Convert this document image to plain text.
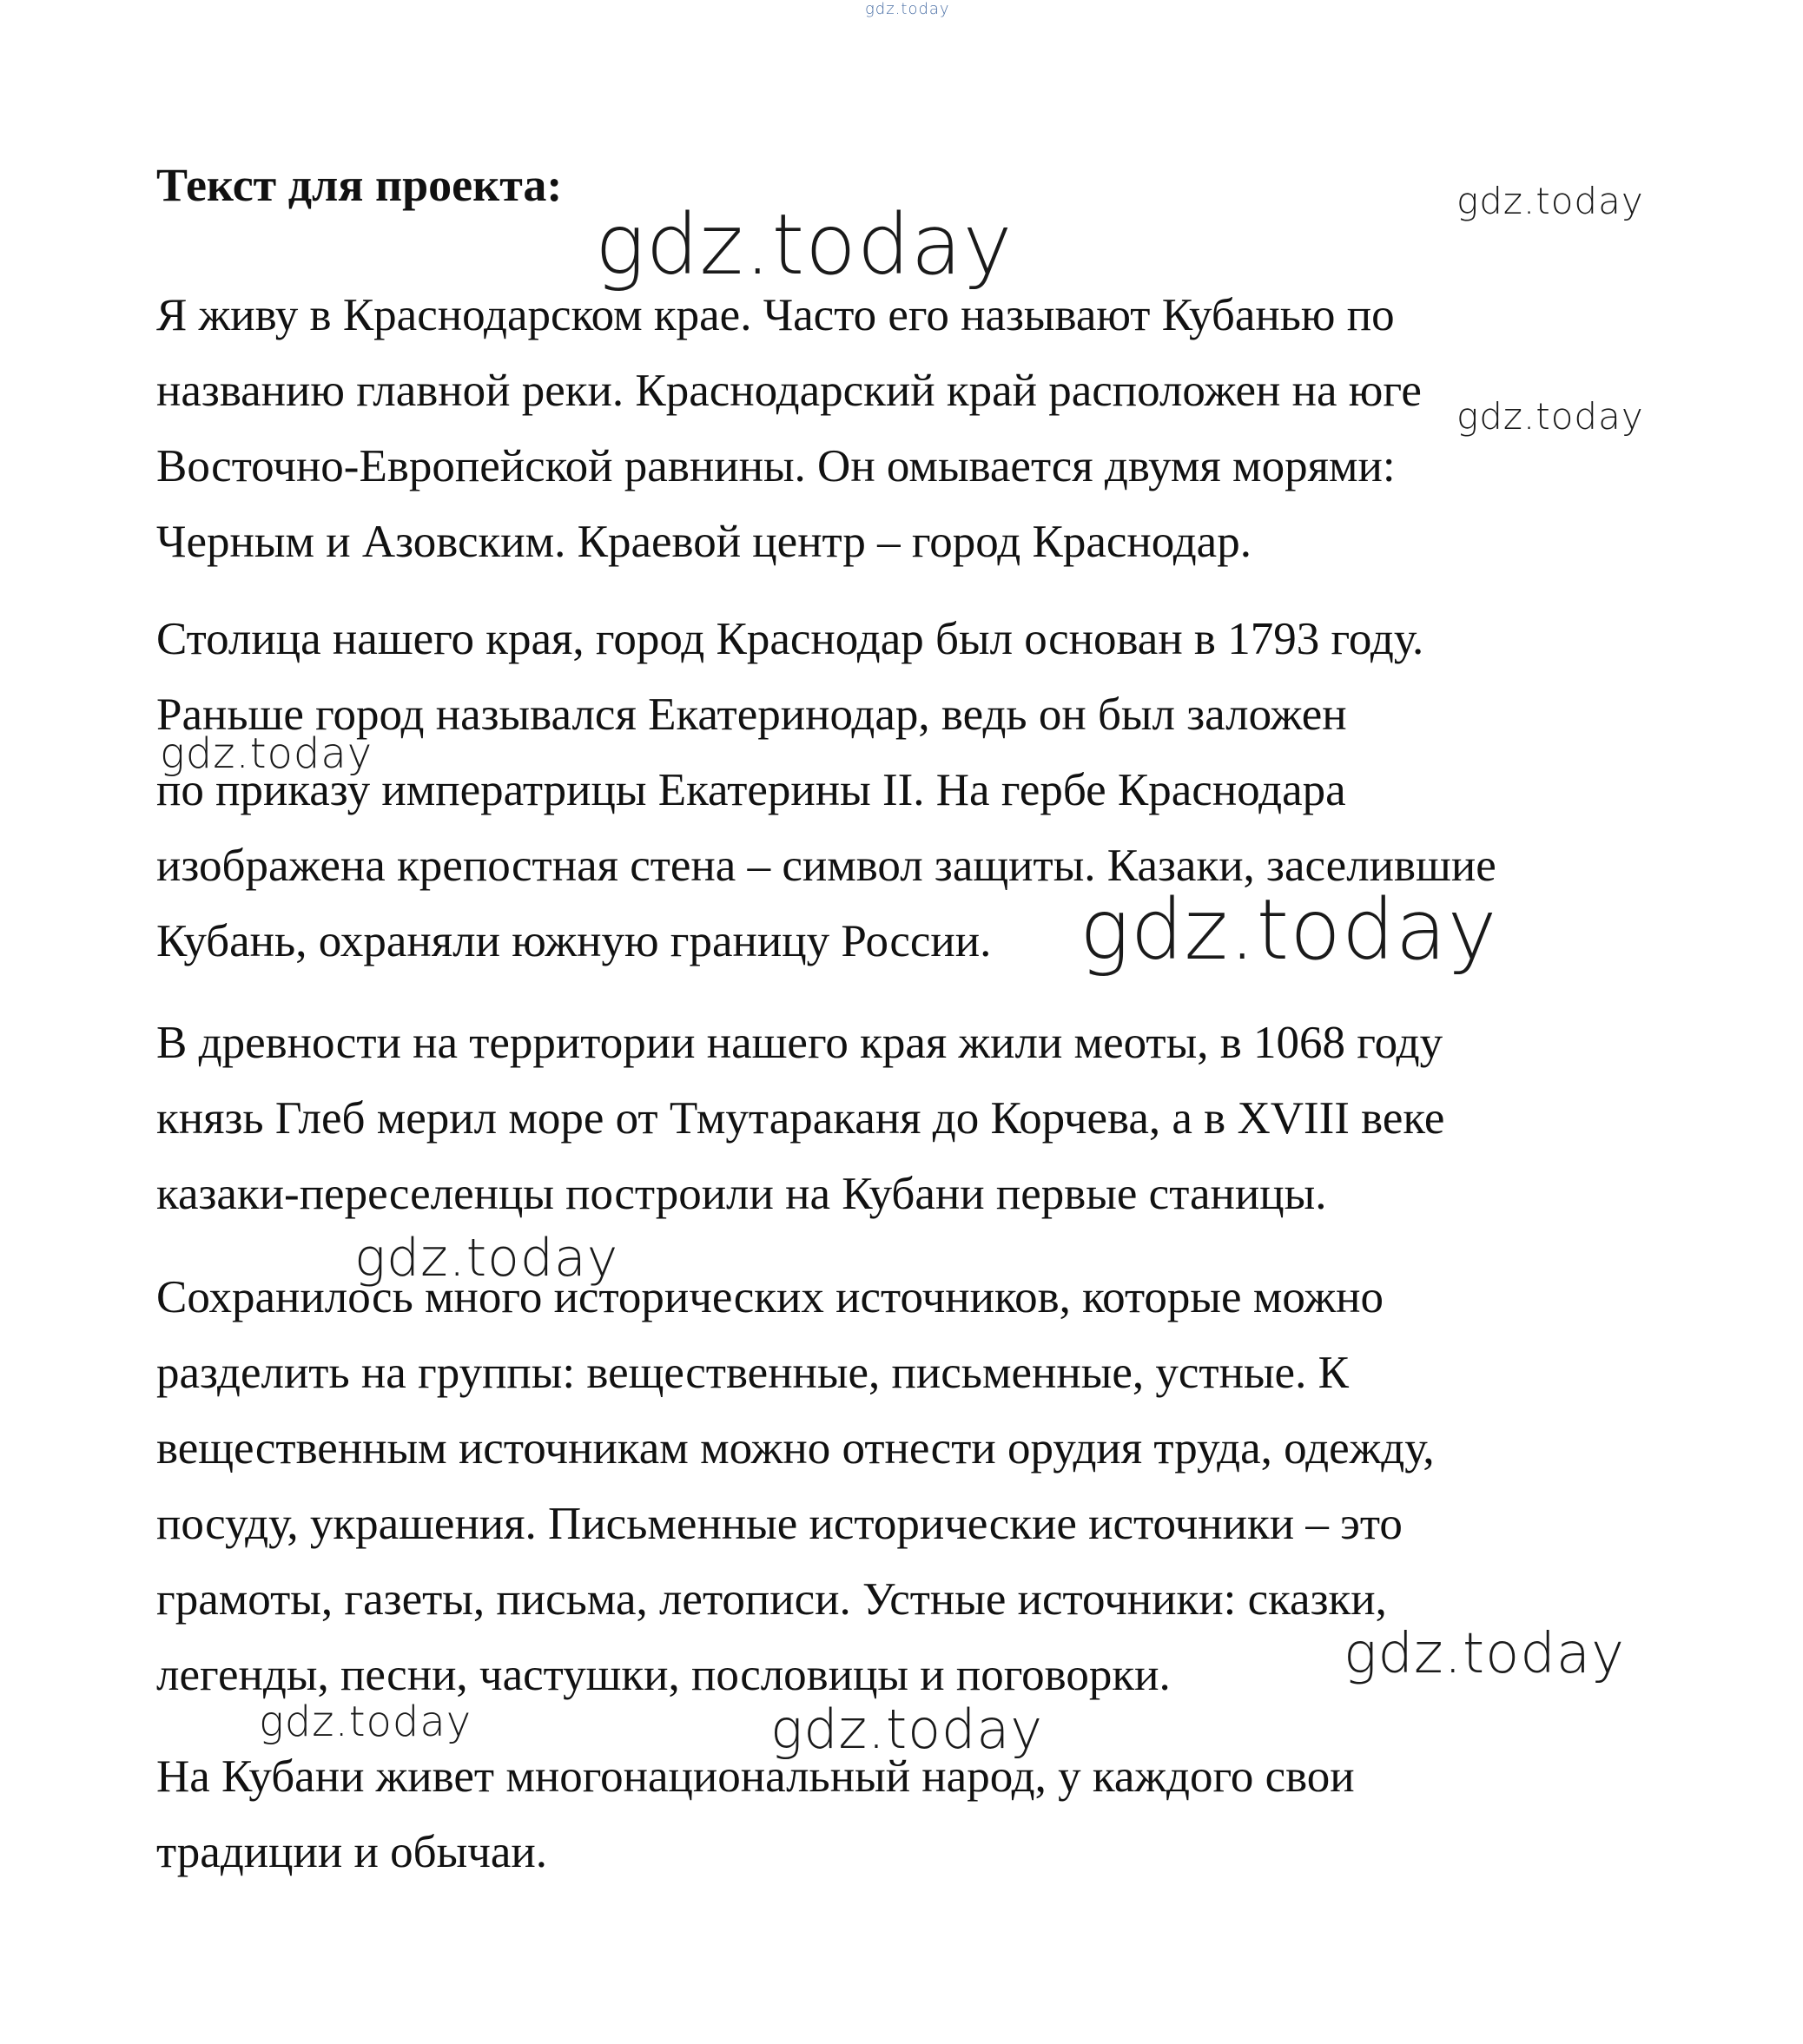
Текст для проекта:
Я живу в Краснодарском крае. Часто его называют Кубанью по
названию главной реки. Краснодарский край расположен на юге
Восточно-Европейской равнины. Он омывается двумя морями:
Черным и Азовским. Краевой центр – город Краснодар.
Столица нашего края, город Краснодар был основан в 1793 году.
Раньше город назывался Екатеринодар, ведь он был заложен
по приказу императрицы Екатерины II. На гербе Краснодара
изображена крепостная стена – символ защиты. Казаки, заселившие
Кубань, охраняли южную границу России.
В древности на территории нашего края жили меоты, в 1068 году
князь Глеб мерил море от Тмутараканя до Корчева, а в XVIII веке
казаки-переселенцы построили на Кубани первые станицы.
Сохранилось много исторических источников, которые можно
разделить на группы: вещественные, письменные, устные. К
вещественным источникам можно отнести орудия труда, одежду,
посуду, украшения. Письменные исторические источники – это
грамоты, газеты, письма, летописи. Устные источники: сказки,
легенды, песни, частушки, пословицы и поговорки.
На Кубани живет многонациональный народ, у каждого свои
традиции и обычаи.
gdz.today
gdz.today
gdz.today
gdz.today
gdz.today
gdz.today
gdz.today
gdz.today
gdz.today	gdz.today
